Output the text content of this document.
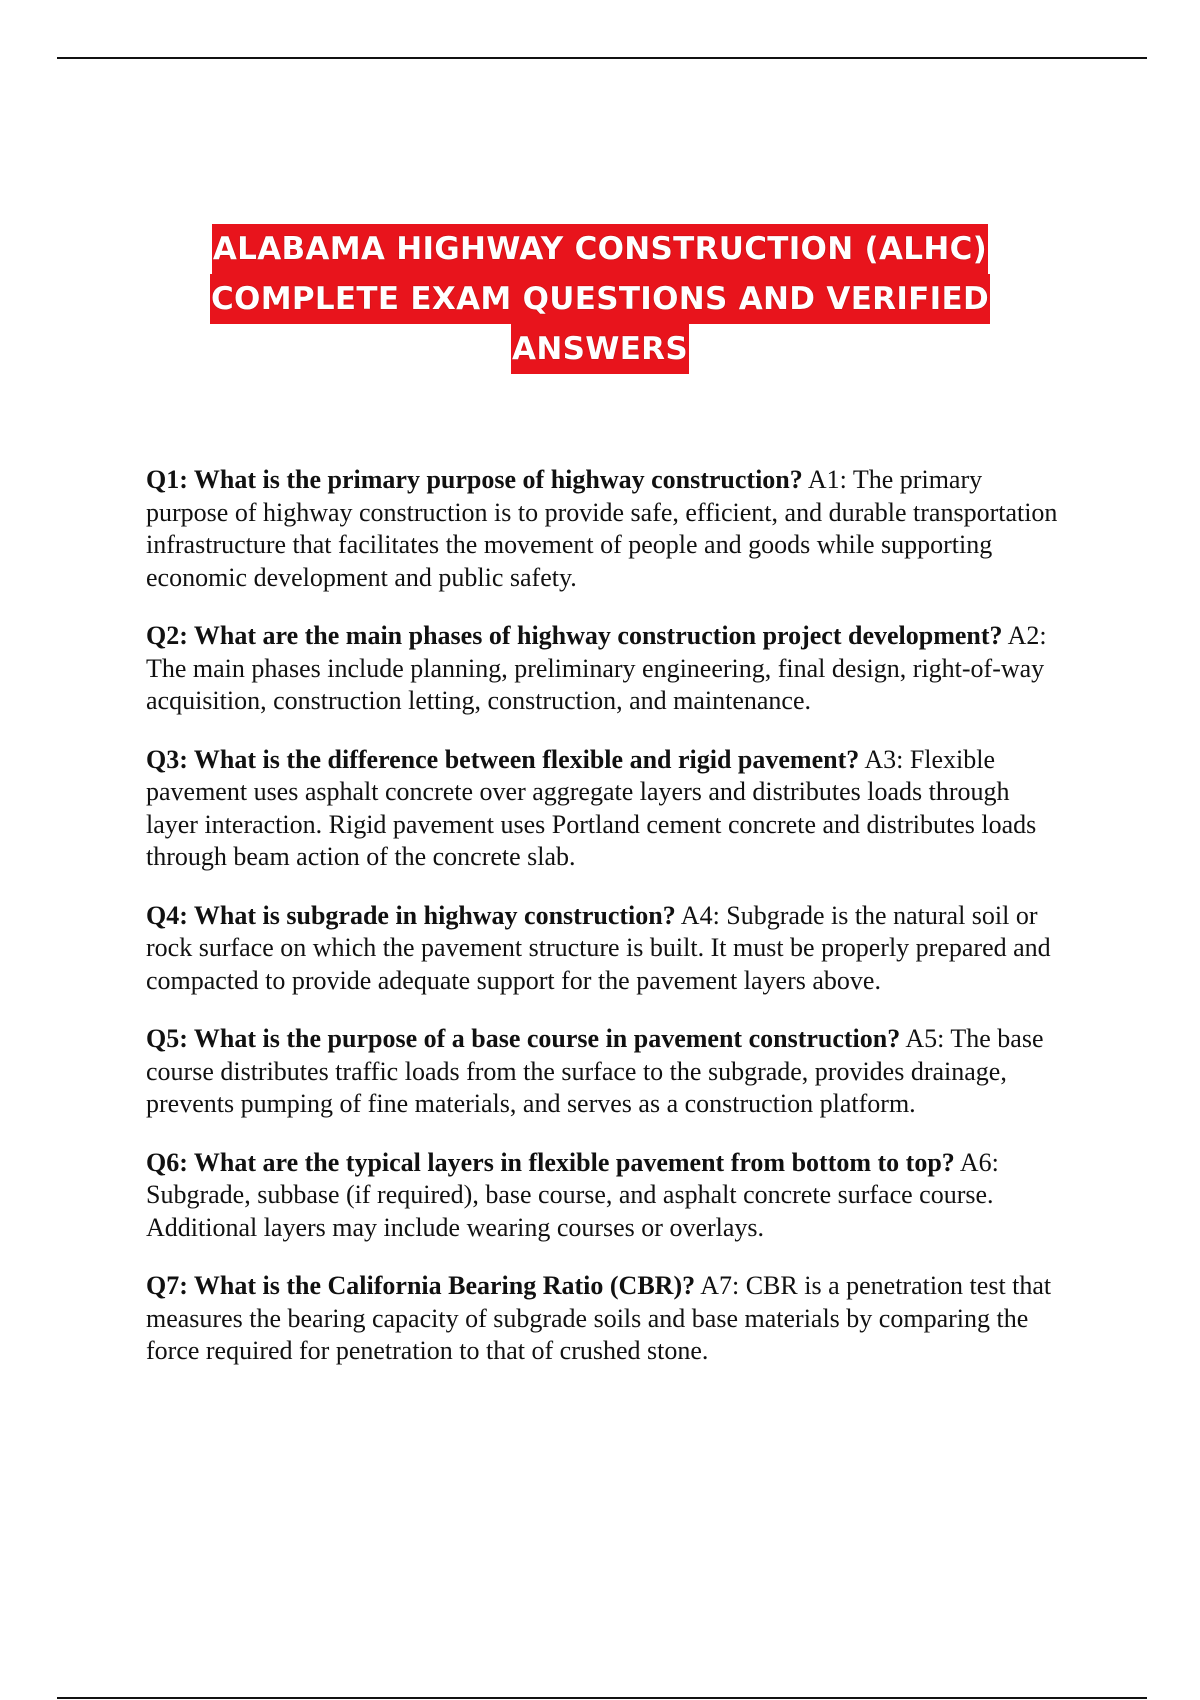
ALABAMA HIGHWAY CONSTRUCTION (ALHC)
COMPLETE EXAM QUESTIONS AND VERIFIED
ANSWERS

Q1: What is the primary purpose of highway construction? A1: The primary purpose of highway construction is to provide safe, efficient, and durable transportation infrastructure that facilitates the movement of people and goods while supporting economic development and public safety.

Q2: What are the main phases of highway construction project development? A2: The main phases include planning, preliminary engineering, final design, right-of-way acquisition, construction letting, construction, and maintenance.

Q3: What is the difference between flexible and rigid pavement? A3: Flexible pavement uses asphalt concrete over aggregate layers and distributes loads through layer interaction. Rigid pavement uses Portland cement concrete and distributes loads through beam action of the concrete slab.

Q4: What is subgrade in highway construction? A4: Subgrade is the natural soil or rock surface on which the pavement structure is built. It must be properly prepared and compacted to provide adequate support for the pavement layers above.

Q5: What is the purpose of a base course in pavement construction? A5: The base course distributes traffic loads from the surface to the subgrade, provides drainage, prevents pumping of fine materials, and serves as a construction platform.

Q6: What are the typical layers in flexible pavement from bottom to top? A6: Subgrade, subbase (if required), base course, and asphalt concrete surface course. Additional layers may include wearing courses or overlays.

Q7: What is the California Bearing Ratio (CBR)? A7: CBR is a penetration test that measures the bearing capacity of subgrade soils and base materials by comparing the force required for penetration to that of crushed stone.
